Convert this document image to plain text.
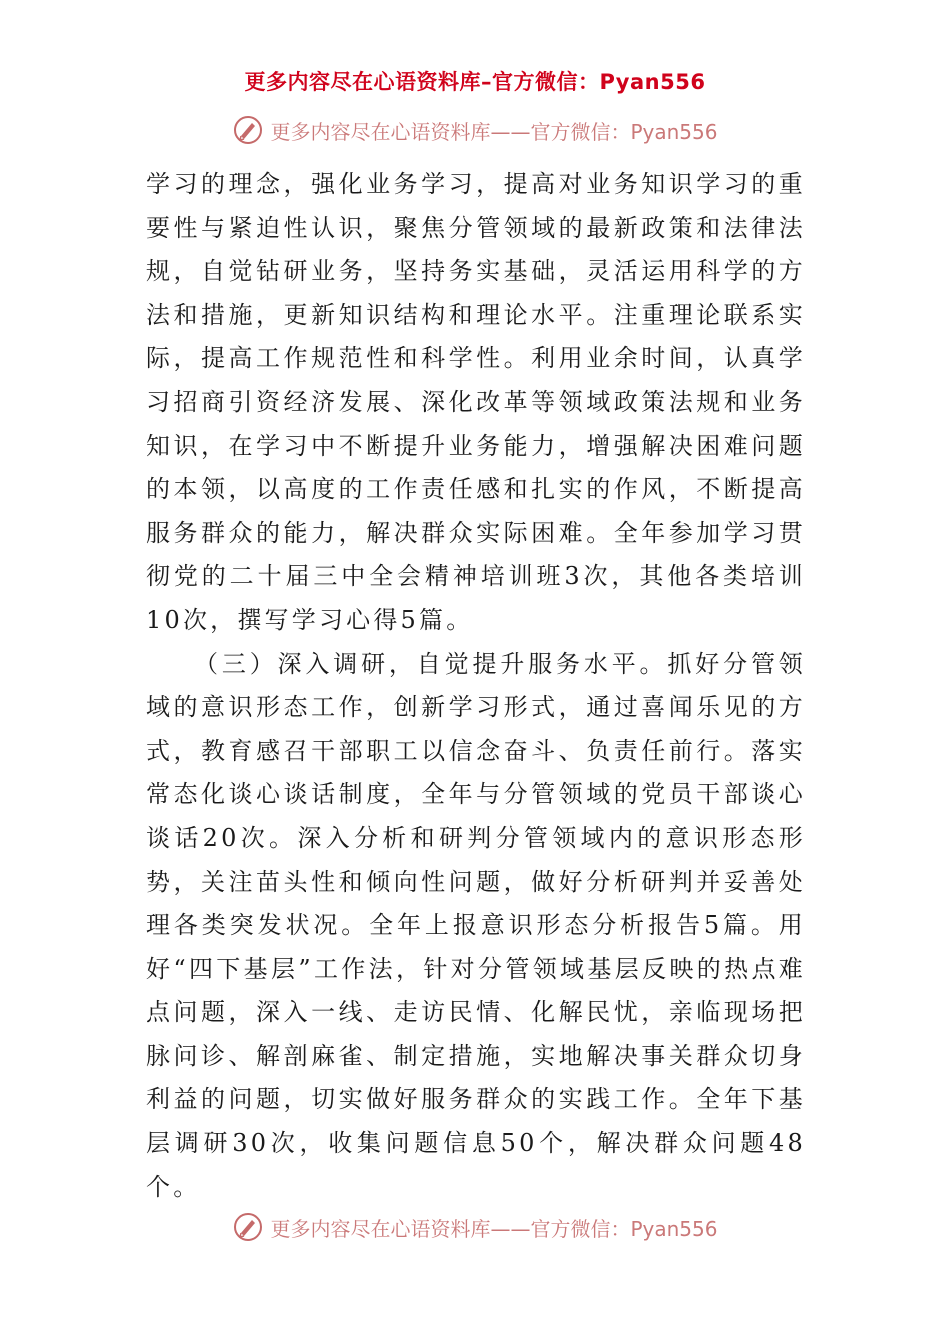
更多内容尽在心语资料库–官方微信：Pyan556
更多内容尽在心语资料库——官方微信：Pyan556

学习的理念，强化业务学习，提高对业务知识学习的重要性与紧迫性认识，聚焦分管领域的最新政策和法律法规，自觉钻研业务，坚持务实基础，灵活运用科学的方法和措施，更新知识结构和理论水平。注重理论联系实际，提高工作规范性和科学性。利用业余时间，认真学习招商引资经济发展、深化改革等领域政策法规和业务知识，在学习中不断提升业务能力，增强解决困难问题的本领，以高度的工作责任感和扎实的作风，不断提高服务群众的能力，解决群众实际困难。全年参加学习贯彻党的二十届三中全会精神培训班3次，其他各类培训10次，撰写学习心得5篇。

（三）深入调研，自觉提升服务水平。抓好分管领域的意识形态工作，创新学习形式，通过喜闻乐见的方式，教育感召干部职工以信念奋斗、负责任前行。落实常态化谈心谈话制度，全年与分管领域的党员干部谈心谈话20次。深入分析和研判分管领域内的意识形态形势，关注苗头性和倾向性问题，做好分析研判并妥善处理各类突发状况。全年上报意识形态分析报告5篇。用好“四下基层”工作法，针对分管领域基层反映的热点难点问题，深入一线、走访民情、化解民忧，亲临现场把脉问诊、解剖麻雀、制定措施，实地解决事关群众切身利益的问题，切实做好服务群众的实践工作。全年下基层调研30次，收集问题信息50个，解决群众问题48个。

更多内容尽在心语资料库——官方微信：Pyan556
